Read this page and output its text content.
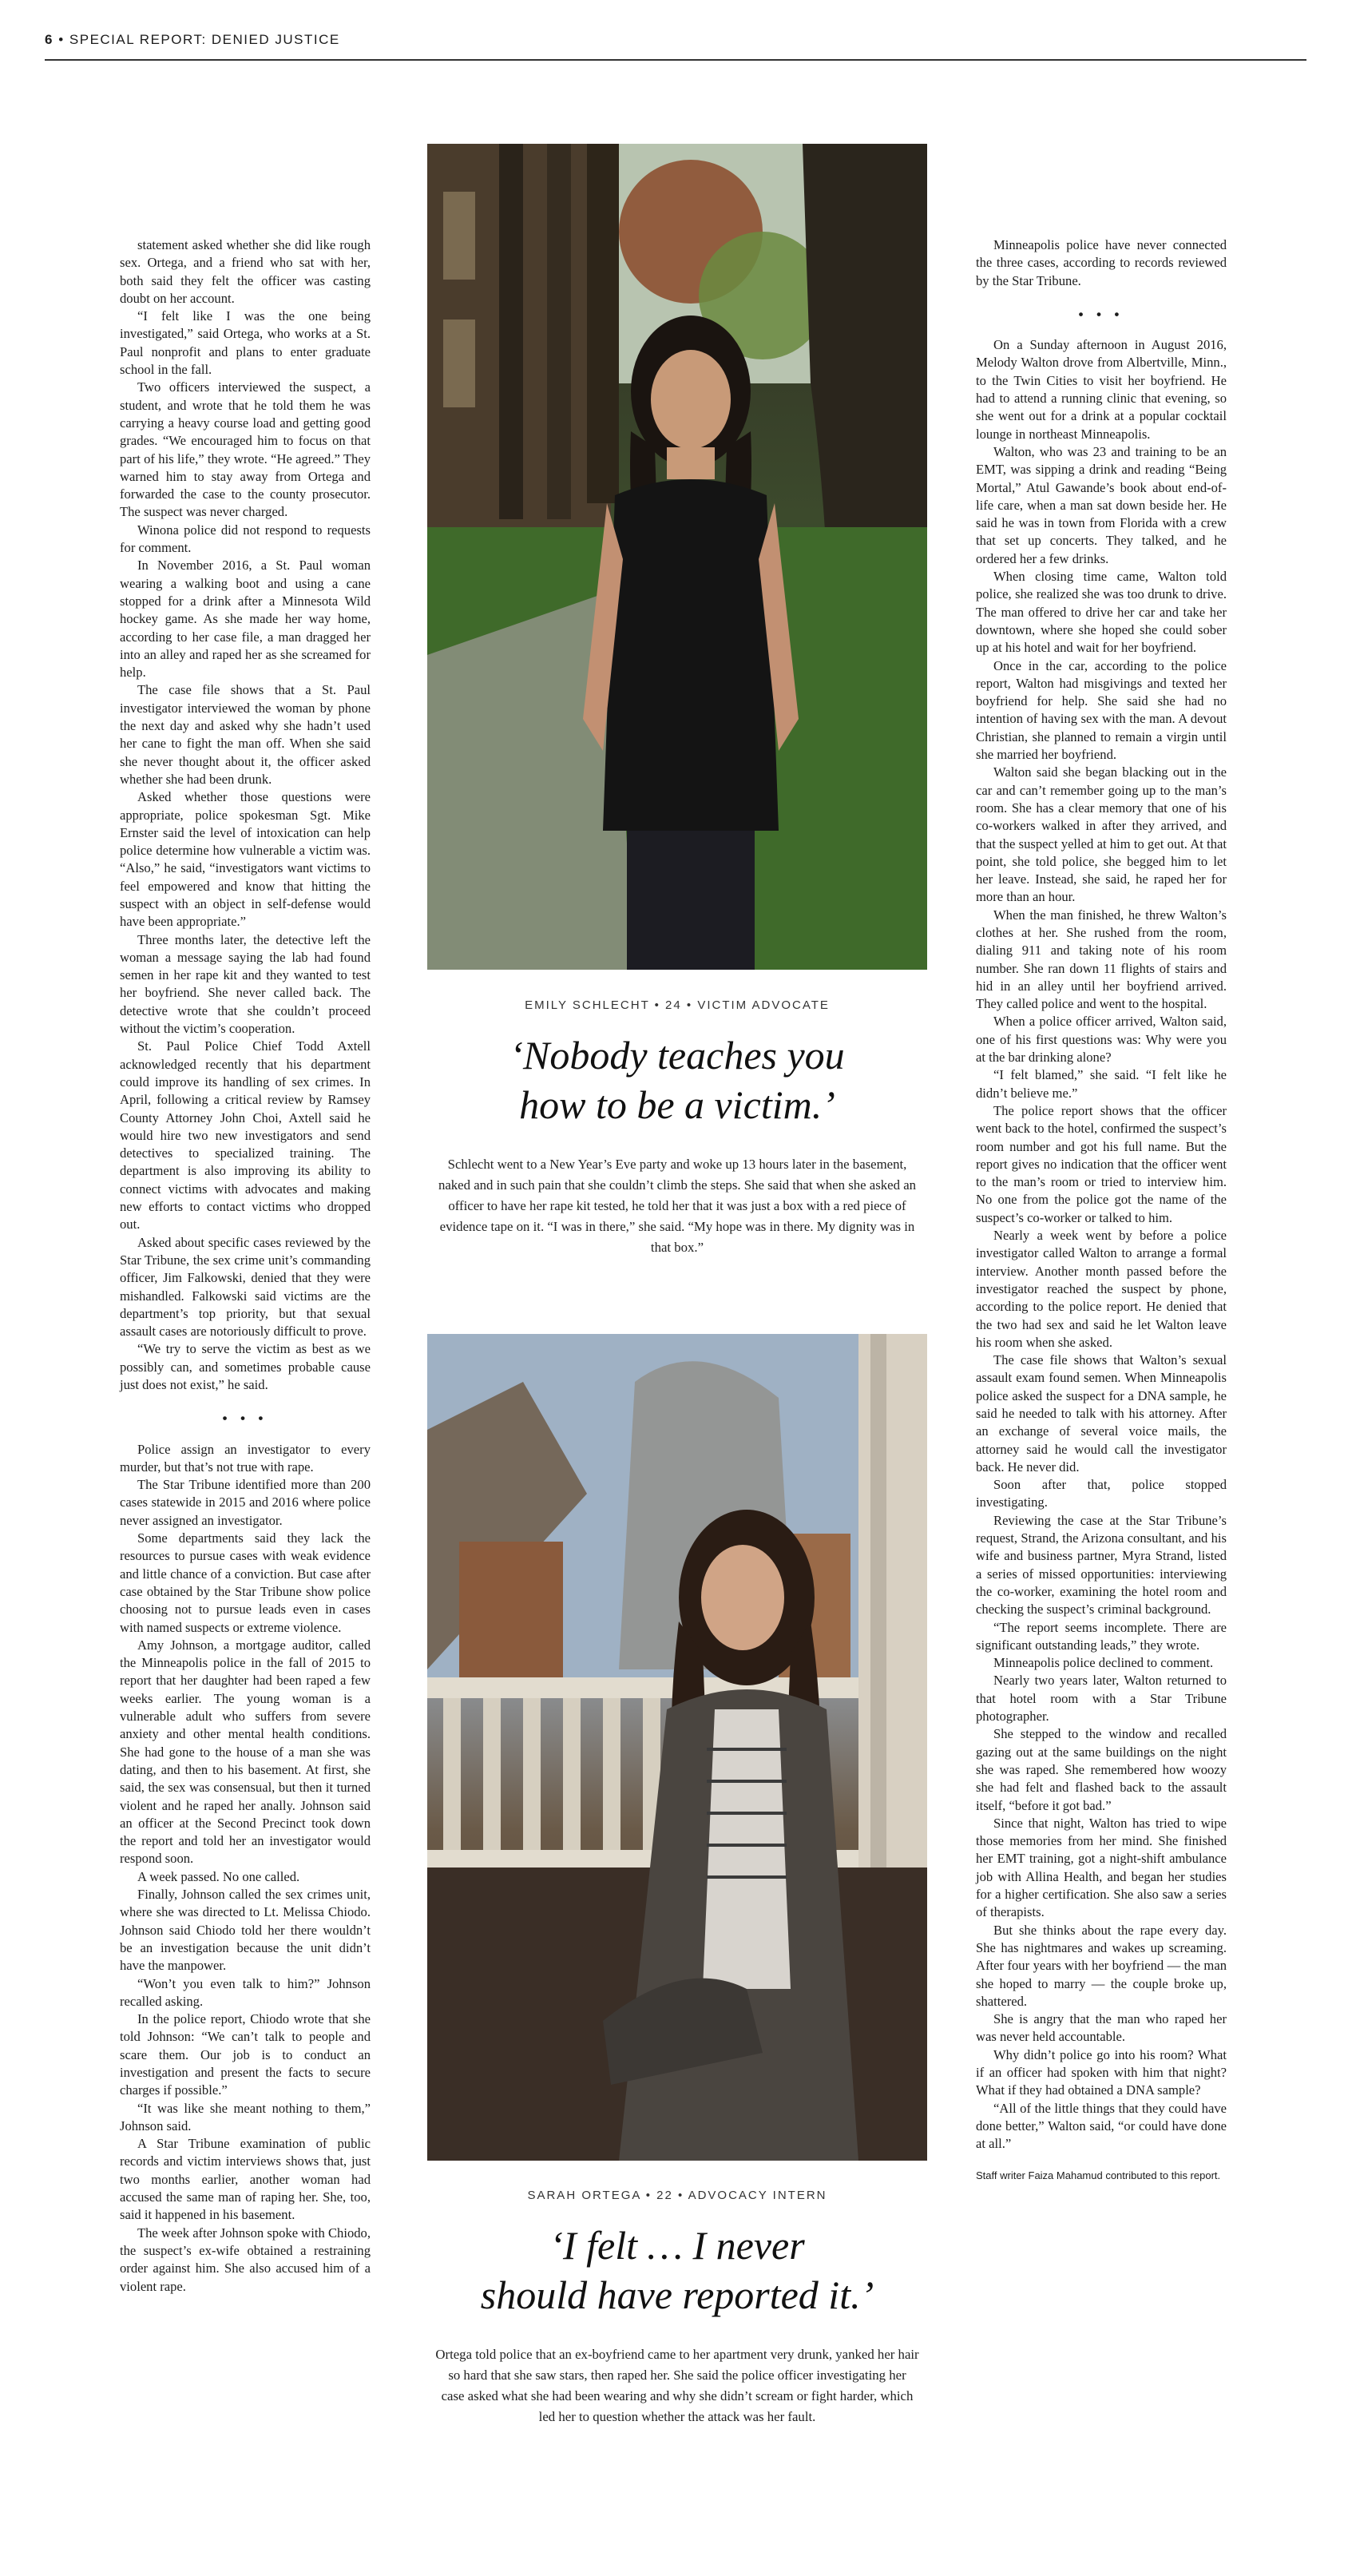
6 • SPECIAL REPORT: DENIED JUSTICE

statement asked whether she did like rough sex. Ortega, and a friend who sat with her, both said they felt the officer was casting doubt on her account.

“I felt like I was the one being investigated,” said Ortega, who works at a St. Paul nonprofit and plans to enter graduate school in the fall.

Two officers interviewed the suspect, a student, and wrote that he told them he was carrying a heavy course load and getting good grades. “We encouraged him to focus on that part of his life,” they wrote. “He agreed.” They warned him to stay away from Ortega and forwarded the case to the county prosecutor. The suspect was never charged.

Winona police did not respond to requests for comment.

In November 2016, a St. Paul woman wearing a walking boot and using a cane stopped for a drink after a Minnesota Wild hockey game. As she made her way home, according to her case file, a man dragged her into an alley and raped her as she screamed for help.

The case file shows that a St. Paul investigator interviewed the woman by phone the next day and asked why she hadn’t used her cane to fight the man off. When she said she never thought about it, the officer asked whether she had been drunk.

Asked whether those questions were appropriate, police spokesman Sgt. Mike Ernster said the level of intoxication can help police determine how vulnerable a victim was. “Also,” he said, “investigators want victims to feel empowered and know that hitting the suspect with an object in self-defense would have been appropriate.”

Three months later, the detective left the woman a message saying the lab had found semen in her rape kit and they wanted to test her boyfriend. She never called back. The detective wrote that she couldn’t proceed without the victim’s cooperation.

St. Paul Police Chief Todd Axtell acknowledged recently that his department could improve its handling of sex crimes. In April, following a critical review by Ramsey County Attorney John Choi, Axtell said he would hire two new investigators and send detectives to specialized training. The department is also improving its ability to connect victims with advocates and making new efforts to contact victims who dropped out.

Asked about specific cases reviewed by the Star Tribune, the sex crime unit’s commanding officer, Jim Falkowski, denied that they were mishandled. Falkowski said victims are the department’s top priority, but that sexual assault cases are notoriously difficult to prove.

“We try to serve the victim as best as we possibly can, and sometimes probable cause just does not exist,” he said.

• • •

Police assign an investigator to every murder, but that’s not true with rape.

The Star Tribune identified more than 200 cases statewide in 2015 and 2016 where police never assigned an investigator.

Some departments said they lack the resources to pursue cases with weak evidence and little chance of a conviction. But case after case obtained by the Star Tribune show police choosing not to pursue leads even in cases with named suspects or extreme violence.

Amy Johnson, a mortgage auditor, called the Minneapolis police in the fall of 2015 to report that her daughter had been raped a few weeks earlier. The young woman is a vulnerable adult who suffers from severe anxiety and other mental health conditions. She had gone to the house of a man she was dating, and then to his basement. At first, she said, the sex was consensual, but then it turned violent and he raped her anally. Johnson said an officer at the Second Precinct took down the report and told her an investigator would respond soon.

A week passed. No one called.

Finally, Johnson called the sex crimes unit, where she was directed to Lt. Melissa Chiodo. Johnson said Chiodo told her there wouldn’t be an investigation because the unit didn’t have the manpower.

“Won’t you even talk to him?” Johnson recalled asking.

In the police report, Chiodo wrote that she told Johnson: “We can’t talk to people and scare them. Our job is to conduct an investigation and present the facts to secure charges if possible.”

“It was like she meant nothing to them,” Johnson said.

A Star Tribune examination of public records and victim interviews shows that, just two months earlier, another woman had accused the same man of raping her. She, too, said it happened in his basement.

The week after Johnson spoke with Chiodo, the suspect’s ex-wife obtained a restraining order against him. She also accused him of a violent rape.

EMILY SCHLECHT • 24 • VICTIM ADVOCATE
‘Nobody teaches you
how to be a victim.’
Schlecht went to a New Year’s Eve party and woke up 13 hours later in the basement, naked and in such pain that she couldn’t climb the steps. She said that when she asked an officer to have her rape kit tested, he told her that it was just a box with a red piece of evidence tape on it. “I was in there,” she said. “My hope was in there. My dignity was in that box.”
SARAH ORTEGA • 22 • ADVOCACY INTERN
‘I felt … I never
should have reported it.’
Ortega told police that an ex-boyfriend came to her apartment very drunk, yanked her hair so hard that she saw stars, then raped her. She said the police officer investigating her case asked what she had been wearing and why she didn’t scream or fight harder, which led her to question whether the attack was her fault.

Minneapolis police have never connected the three cases, according to records reviewed by the Star Tribune.

• • •

On a Sunday afternoon in August 2016, Melody Walton drove from Albertville, Minn., to the Twin Cities to visit her boyfriend. He had to attend a running clinic that evening, so she went out for a drink at a popular cocktail lounge in northeast Minneapolis.

Walton, who was 23 and training to be an EMT, was sipping a drink and reading “Being Mortal,” Atul Gawande’s book about end-of-life care, when a man sat down beside her. He said he was in town from Florida with a crew that set up concerts. They talked, and he ordered her a few drinks.

When closing time came, Walton told police, she realized she was too drunk to drive. The man offered to drive her car and take her downtown, where she hoped she could sober up at his hotel and wait for her boyfriend.

Once in the car, according to the police report, Walton had misgivings and texted her boyfriend for help. She said she had no intention of having sex with the man. A devout Christian, she planned to remain a virgin until she married her boyfriend.

Walton said she began blacking out in the car and can’t remember going up to the man’s room. She has a clear memory that one of his co-workers walked in after they arrived, and that the suspect yelled at him to get out. At that point, she told police, she begged him to let her leave. Instead, she said, he raped her for more than an hour.

When the man finished, he threw Walton’s clothes at her. She rushed from the room, dialing 911 and taking note of his room number. She ran down 11 flights of stairs and hid in an alley until her boyfriend arrived. They called police and went to the hospital.

When a police officer arrived, Walton said, one of his first questions was: Why were you at the bar drinking alone?

“I felt blamed,” she said. “I felt like he didn’t believe me.”

The police report shows that the officer went back to the hotel, confirmed the suspect’s room number and got his full name. But the report gives no indication that the officer went to the man’s room or tried to interview him. No one from the police got the name of the suspect’s co-worker or talked to him.

Nearly a week went by before a police investigator called Walton to arrange a formal interview. Another month passed before the investigator reached the suspect by phone, according to the police report. He denied that the two had sex and said he let Walton leave his room when she asked.

The case file shows that Walton’s sexual assault exam found semen. When Minneapolis police asked the suspect for a DNA sample, he said he needed to talk with his attorney. After an exchange of several voice mails, the attorney said he would call the investigator back. He never did.

Soon after that, police stopped investigating.

Reviewing the case at the Star Tribune’s request, Strand, the Arizona consultant, and his wife and business partner, Myra Strand, listed a series of missed opportunities: interviewing the co-worker, examining the hotel room and checking the suspect’s criminal background.

“The report seems incomplete. There are significant outstanding leads,” they wrote.

Minneapolis police declined to comment.

Nearly two years later, Walton returned to that hotel room with a Star Tribune photographer.

She stepped to the window and recalled gazing out at the same buildings on the night she was raped. She remembered how woozy she had felt and flashed back to the assault itself, “before it got bad.”

Since that night, Walton has tried to wipe those memories from her mind. She finished her EMT training, got a night-shift ambulance job with Allina Health, and began her studies for a higher certification. She also saw a series of therapists.

But she thinks about the rape every day. She has nightmares and wakes up screaming. After four years with her boyfriend — the man she hoped to marry — the couple broke up, shattered.

She is angry that the man who raped her was never held accountable.

Why didn’t police go into his room? What if an officer had spoken with him that night? What if they had obtained a DNA sample?

“All of the little things that they could have done better,” Walton said, “or could have done at all.”

Staff writer Faiza Mahamud contributed to this report.
